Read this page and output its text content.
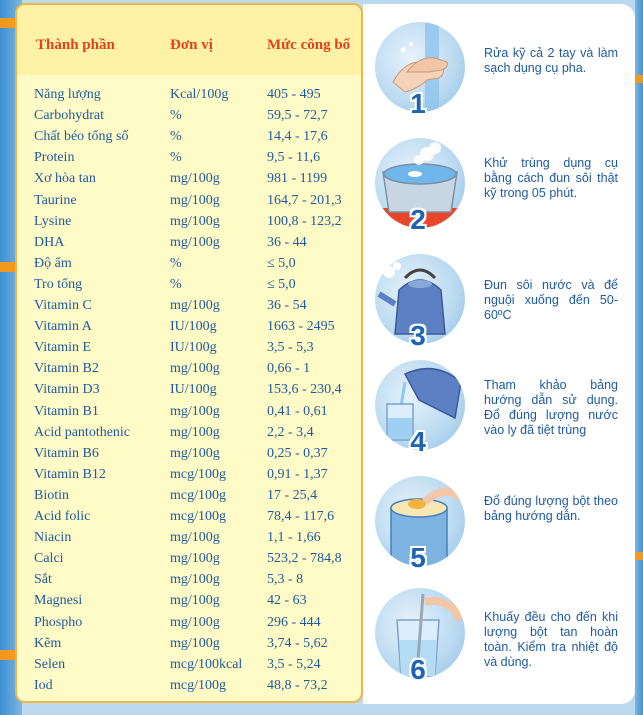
Thành phần	Đơn vị	Mức công bố
Năng lượng	Kcal/100g	405 - 495
Carbohydrat	%	59,5 - 72,7
Chất béo tổng số	%	14,4 - 17,6
Protein	%	9,5 - 11,6
Xơ hòa tan	mg/100g	981 - 1199
Taurine	mg/100g	164,7 - 201,3
Lysine	mg/100g	100,8 - 123,2
DHA	mg/100g	36 - 44
Độ ẩm	%	≤ 5,0
Tro tổng	%	≤ 5,0
Vitamin C	mg/100g	36 - 54
Vitamin A	IU/100g	1663 - 2495
Vitamin E	IU/100g	3,5 - 5,3
Vitamin B2	mg/100g	0,66 - 1
Vitamin D3	IU/100g	153,6 - 230,4
Vitamin B1	mg/100g	0,41 - 0,61
Acid pantothenic	mg/100g	2,2 - 3,4
Vitamin B6	mg/100g	0,25 - 0,37
Vitamin B12	mcg/100g	0,91 - 1,37
Biotin	mcg/100g	17 - 25,4
Acid folic	mcg/100g	78,4 - 117,6
Niacin	mg/100g	1,1 - 1,66
Calci	mg/100g	523,2 - 784,8
Sắt	mg/100g	5,3 - 8
Magnesi	mg/100g	42 - 63
Phospho	mg/100g	296 - 444
Kẽm	mg/100g	3,74 - 5,62
Selen	mcg/100kcal 3,5 - 5,24
Iod	mcg/100g	48,8 - 73,2
1
Rửa kỹ cả 2 tay và làm sạch dụng cụ pha.
2
Khử trùng dụng cụ bằng cách đun sôi thật kỹ trong 05 phút.
3
Đun sôi nước và để nguội xuống đến 50-60ºC
4
Tham khảo bảng hướng dẫn sử dụng. Đổ đúng lượng nước vào ly đã tiệt trùng
5
Đổ đúng lượng bột theo bảng hướng dẫn.
6
Khuấy đều cho đến khi lượng bột tan hoàn toàn. Kiểm tra nhiệt độ và dùng.
